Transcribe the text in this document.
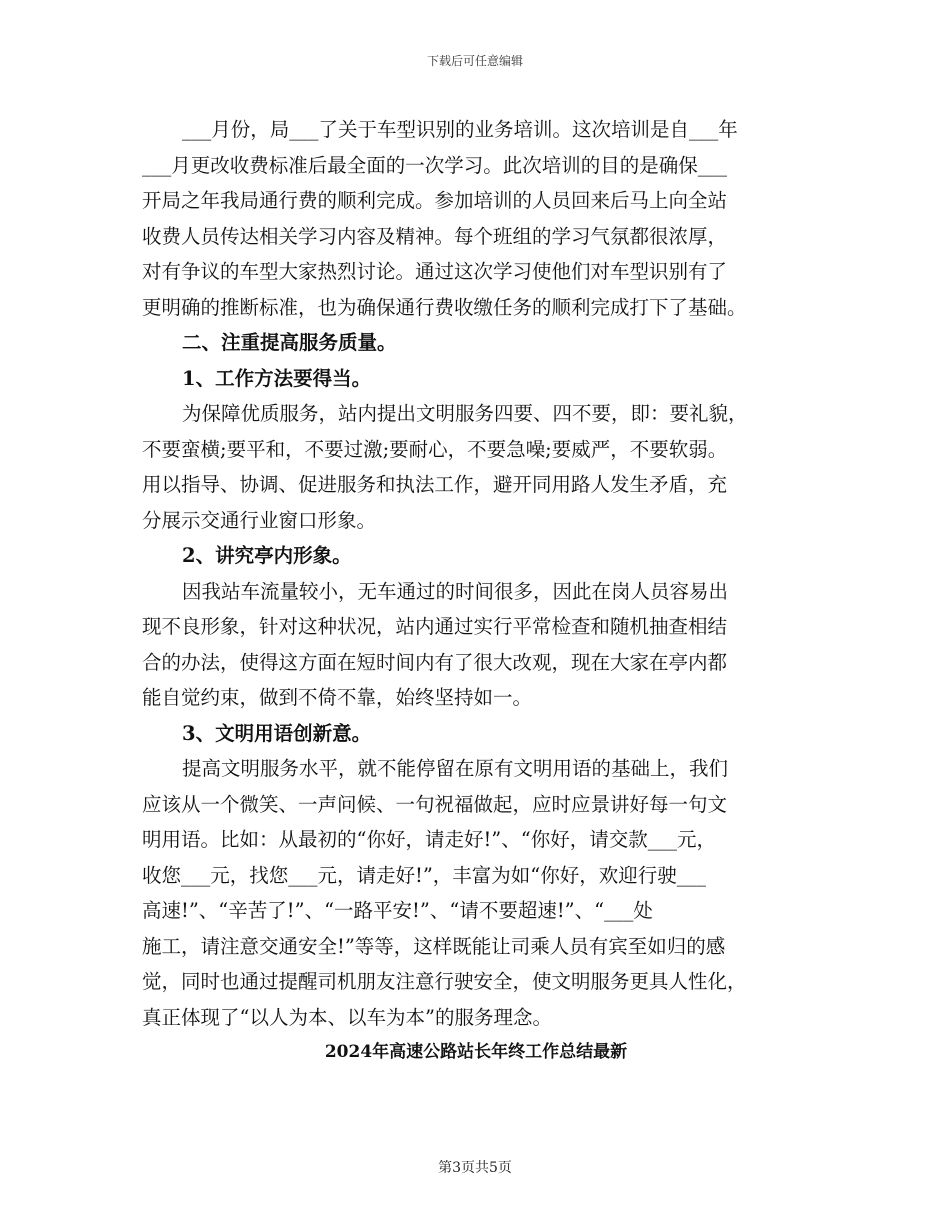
下载后可任意编辑
___月份，局___了关于车型识别的业务培训。这次培训是自___年
___月更改收费标准后最全面的一次学习。此次培训的目的是确保___
开局之年我局通行费的顺利完成。参加培训的人员回来后马上向全站
收费人员传达相关学习内容及精神。每个班组的学习气氛都很浓厚，
对有争议的车型大家热烈讨论。通过这次学习使他们对车型识别有了
更明确的推断标准，也为确保通行费收缴任务的顺利完成打下了基础。
二、注重提高服务质量。
1、工作方法要得当。
为保障优质服务，站内提出文明服务四要、四不要，即：要礼貌，
不要蛮横;要平和，不要过激;要耐心，不要急噪;要威严，不要软弱。
用以指导、协调、促进服务和执法工作，避开同用路人发生矛盾，充
分展示交通行业窗口形象。
2、讲究亭内形象。
因我站车流量较小，无车通过的时间很多，因此在岗人员容易出
现不良形象，针对这种状况，站内通过实行平常检查和随机抽查相结
合的办法，使得这方面在短时间内有了很大改观，现在大家在亭内都
能自觉约束，做到不倚不靠，始终坚持如一。
3、文明用语创新意。
提高文明服务水平，就不能停留在原有文明用语的基础上，我们
应该从一个微笑、一声问候、一句祝福做起，应时应景讲好每一句文
明用语。比如：从最初的“你好，请走好!”、“你好，请交款___元，
收您___元，找您___元，请走好!”，丰富为如“你好，欢迎行驶___
高速!”、“辛苦了!”、“一路平安!”、“请不要超速!”、“___处
施工，请注意交通安全!”等等，这样既能让司乘人员有宾至如归的感
觉，同时也通过提醒司机朋友注意行驶安全，使文明服务更具人性化，
真正体现了“以人为本、以车为本”的服务理念。
2024年高速公路站长年终工作总结最新
第3页共5页
